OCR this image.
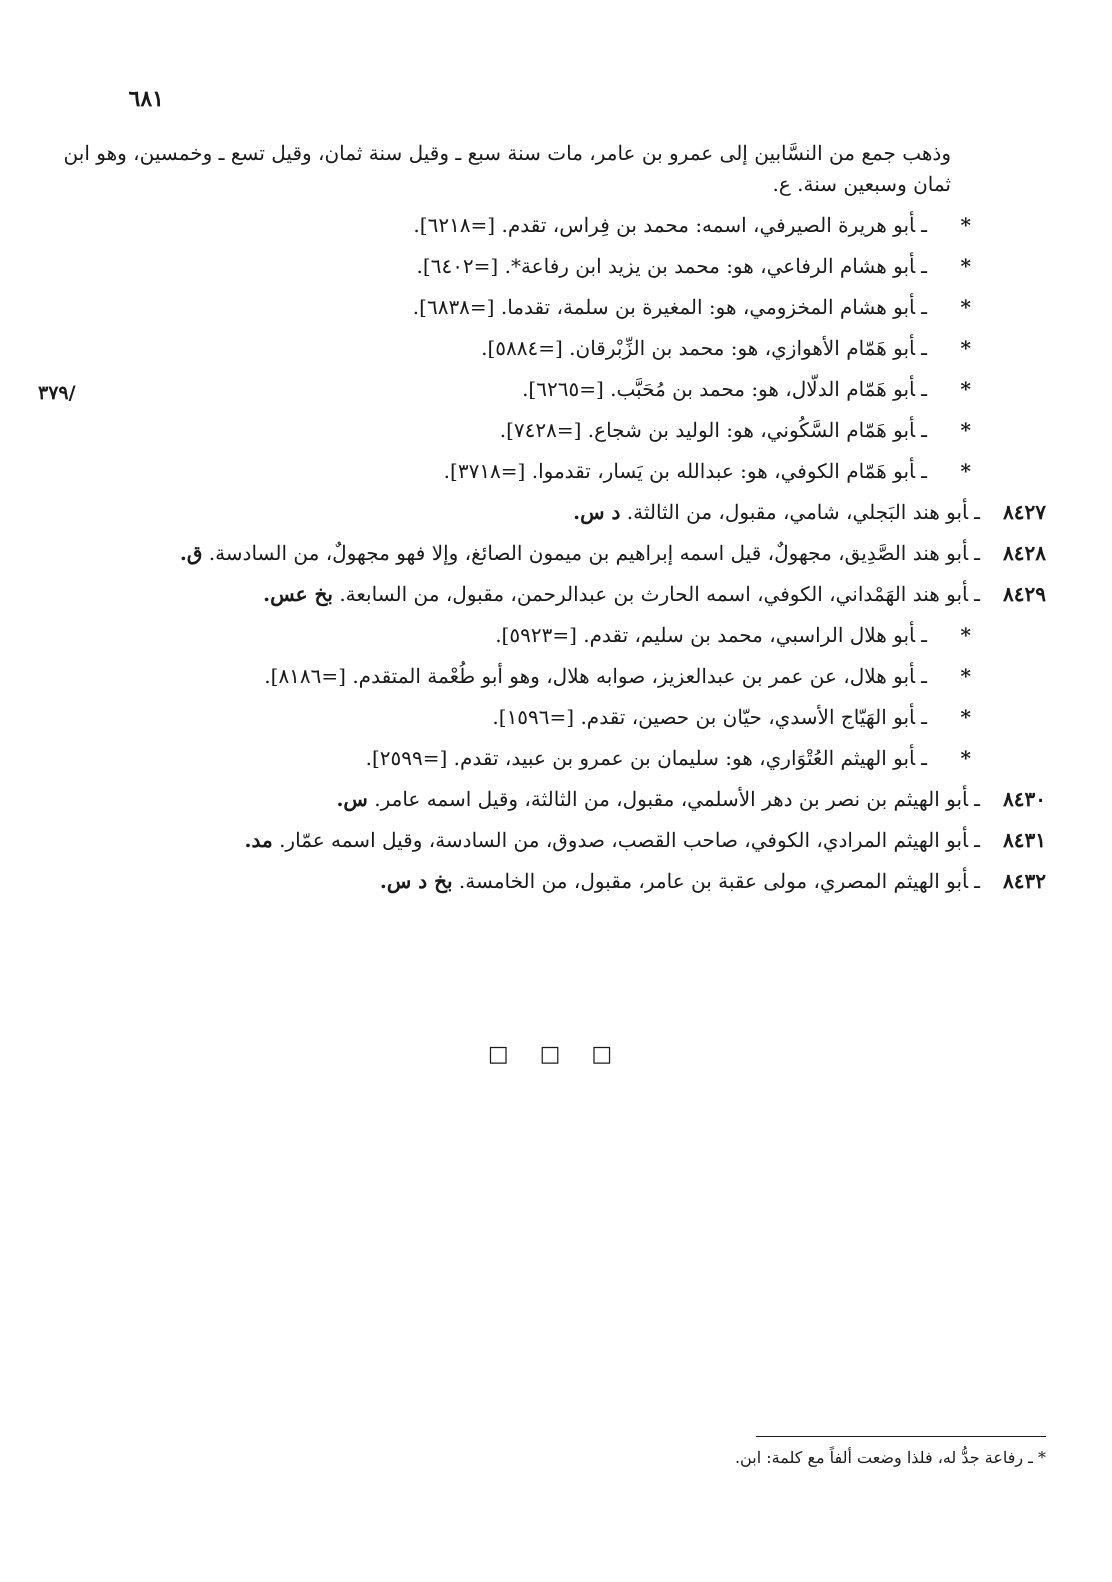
٦٨١
/٣٧٩

وذهب جمع من النسَّابين إلى عمرو بن عامر، مات سنة سبع ـ وقيل سنة ثمان، وقيل تسع ـ وخمسين، وهو ابن ثمان وسبعين سنة. ع.

*ـأبو هريرة الصيرفي، اسمه: محمد بن فِراس، تقدم. [=٦٢١٨].
*ـأبو هشام الرفاعي، هو: محمد بن يزيد ابن رفاعة*. [=٦٤٠٢].
*ـأبو هشام المخزومي، هو: المغيرة بن سلمة، تقدما. [=٦٨٣٨].
*ـأبو هَمّام الأهوازي، هو: محمد بن الزِّبْرقان. [=٥٨٨٤].
*ـأبو هَمّام الدلّال، هو: محمد بن مُحَبَّب. [=٦٢٦٥].
*ـأبو هَمّام السَّكُوني، هو: الوليد بن شجاع. [=٧٤٢٨].
*ـأبو هَمّام الكوفي، هو: عبدالله بن يَسار، تقدموا. [=٣٧١٨].
٨٤٢٧ـأبو هند البَجلي، شامي، مقبول، من الثالثة. د س.
٨٤٢٨ـأبو هند الصَّدِيق، مجهولٌ، قيل اسمه إبراهيم بن ميمون الصائغ، وإلا فهو مجهولٌ، من السادسة. ق.
٨٤٢٩ـأبو هند الهَمْداني، الكوفي، اسمه الحارث بن عبدالرحمن، مقبول، من السابعة. بخ عس.
*ـأبو هلال الراسبي، محمد بن سليم، تقدم. [=٥٩٢٣].
*ـأبو هلال، عن عمر بن عبدالعزيز، صوابه هلال، وهو أبو طُعْمة المتقدم. [=٨١٨٦].
*ـأبو الهَيّاج الأسدي، حيّان بن حصين، تقدم. [=١٥٩٦].
*ـأبو الهيثم العُتْوَاري، هو: سليمان بن عمرو بن عبيد، تقدم. [=٢٥٩٩].
٨٤٣٠ـأبو الهيثم بن نصر بن دهر الأسلمي، مقبول، من الثالثة، وقيل اسمه عامر. س.
٨٤٣١ـأبو الهيثم المرادي، الكوفي، صاحب القصب، صدوق، من السادسة، وقيل اسمه عمّار. مد.
٨٤٣٢ـأبو الهيثم المصري، مولى عقبة بن عامر، مقبول، من الخامسة. بخ د س.
□ □ □
* ـ رفاعة جدُّ له، فلذا وضعت ألفاً مع كلمة: ابن.
